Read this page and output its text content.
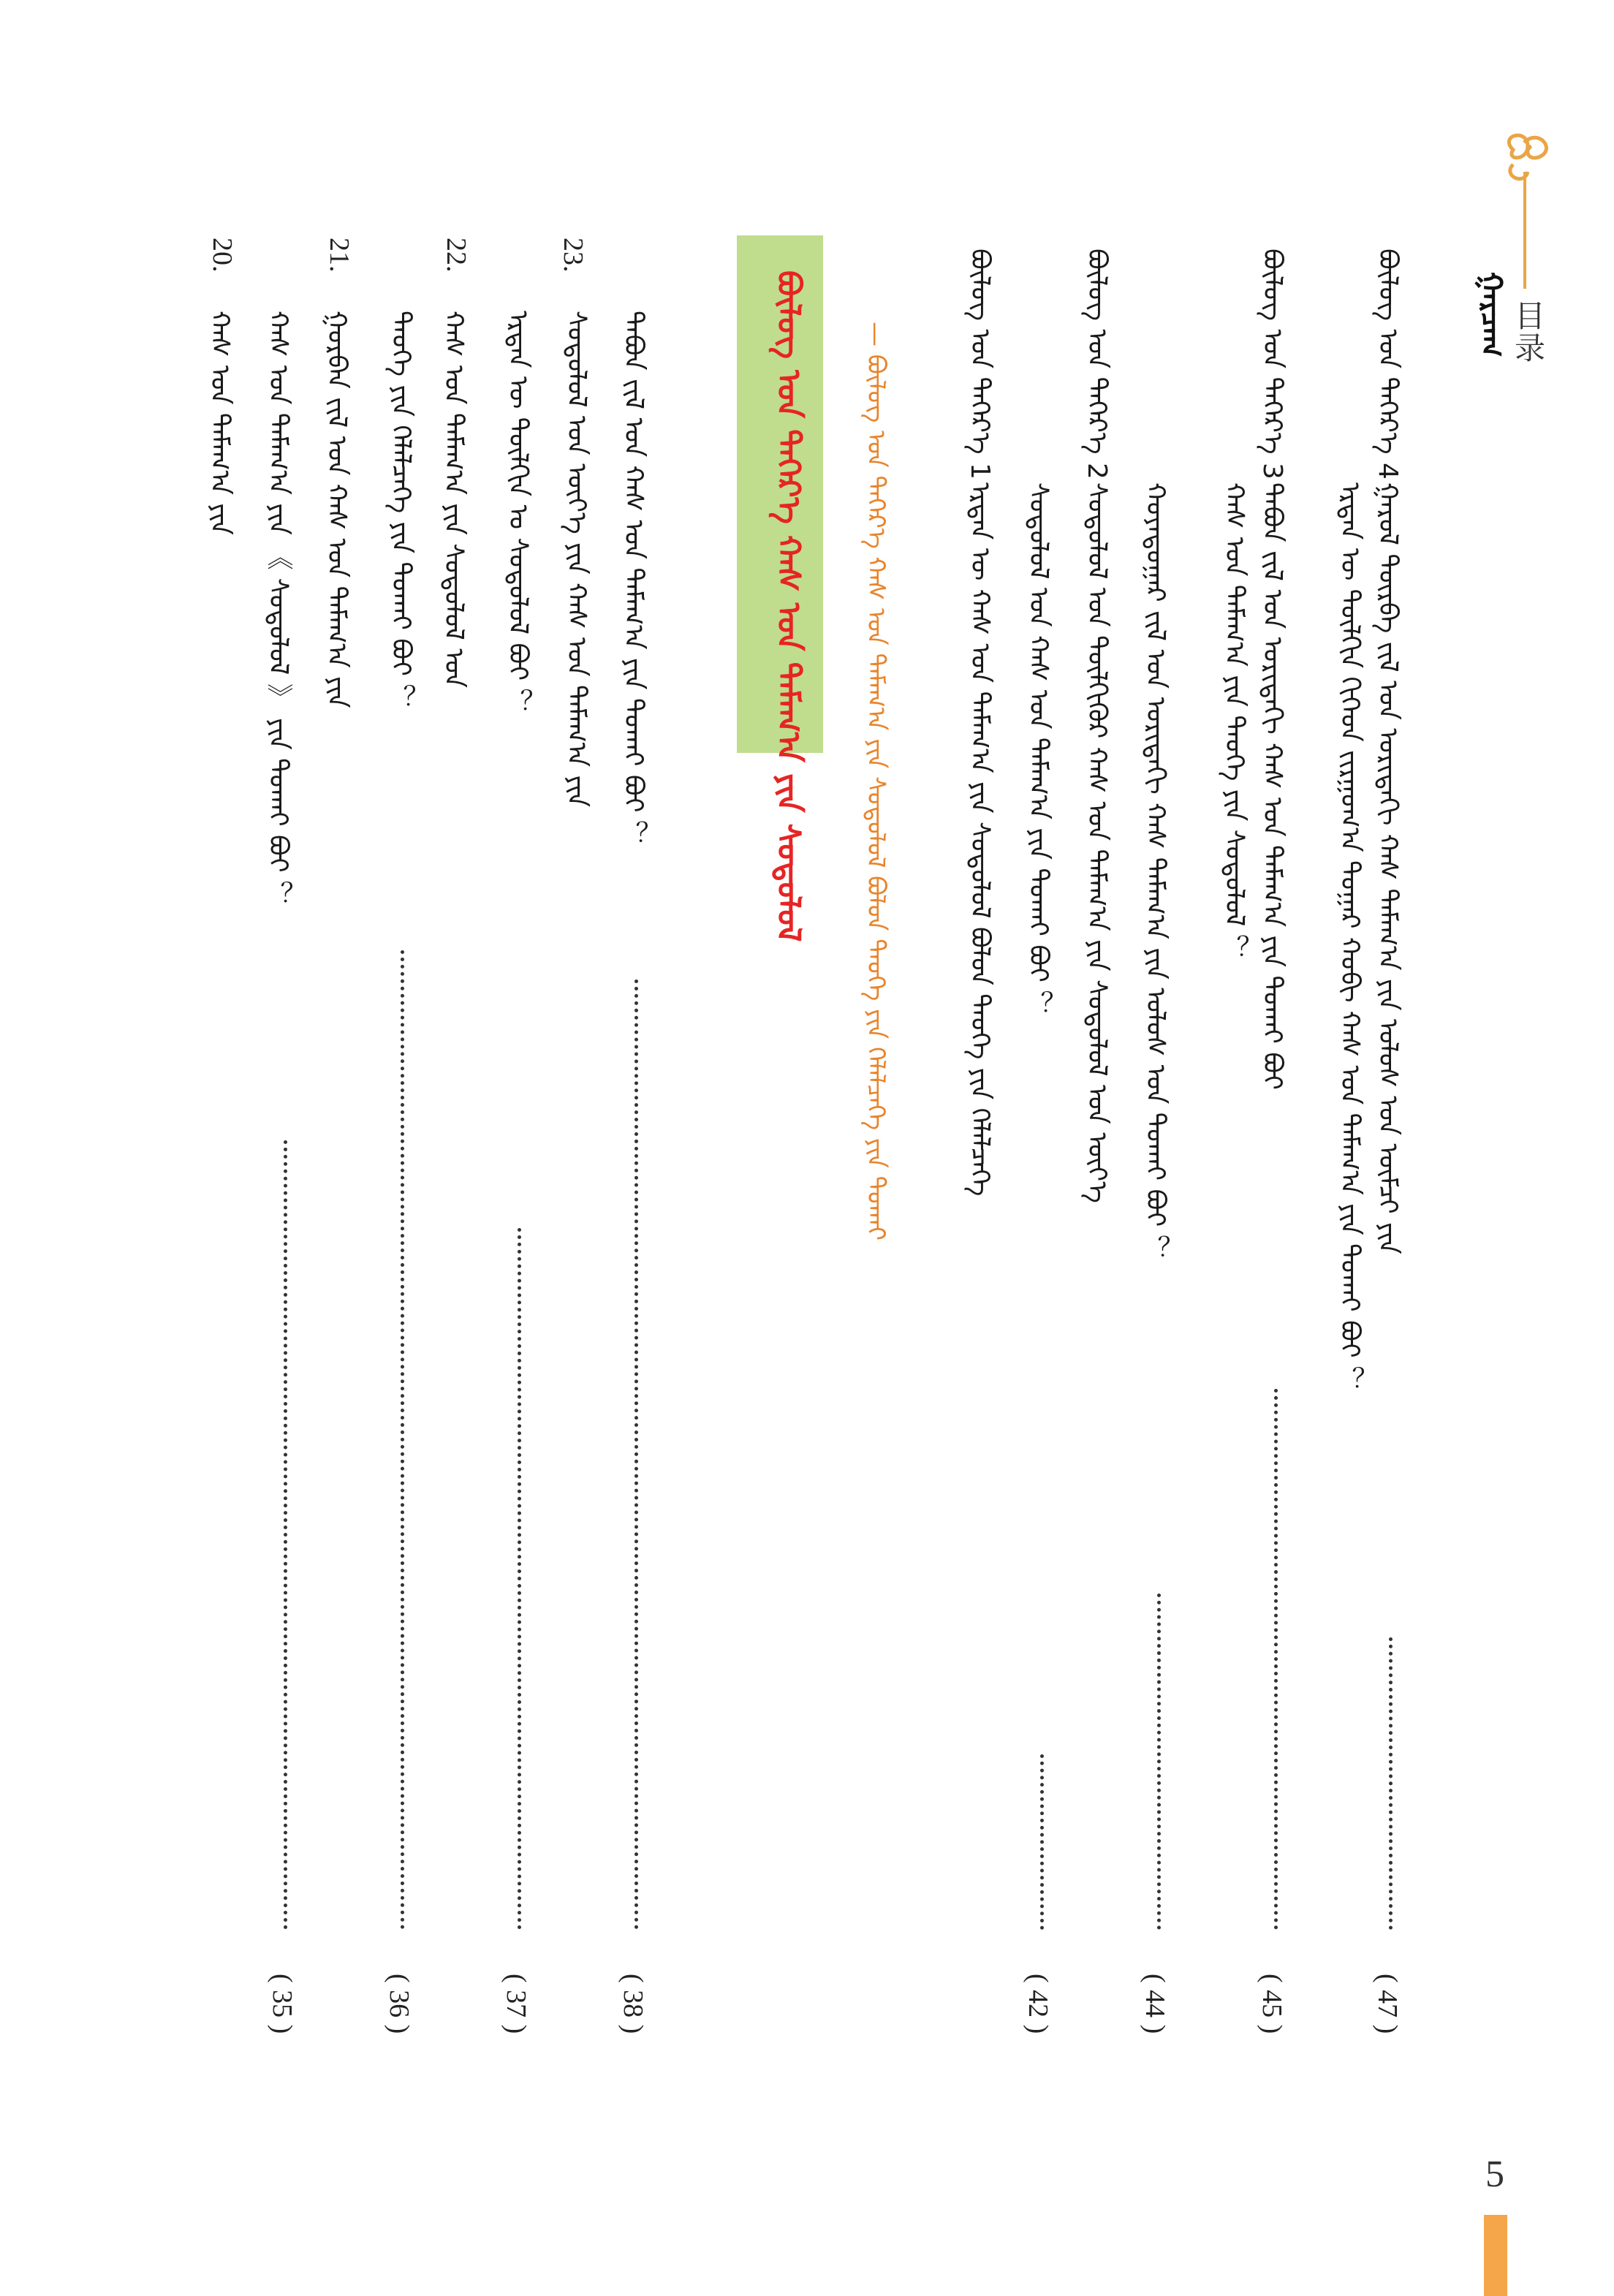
目录
ᠭᠠᠷᠴᠠᠭ
ᠪᠦᠯᠦᠭ ᠤᠨ ᠳᠡᠭᠡᠷ᠎ᠡ 4
ᠭᠠᠷᠤᠯ ᠳᠦᠷᠪᠡ ᠵᠢᠯ ᠤᠨ ᠤᠷᠢᠳᠠᠬᠢ ᠬᠠᠰ ᠲᠠᠮᠠᠭ᠎ᠠ ᠶᠢᠨ ᠤᠯᠤᠰ ᠤᠨ ᠦᠮᠴᠢ ᠶᠢᠨ
ᠡᠷᠲᠡᠨ ᠦ ᠲᠦᠯᠬᠢᠨ ᠬᠢᠭᠡᠳ ᠵᠢᠷᠭᠤᠭ᠎ᠠ ᠳᠤᠭᠠᠷ ᠬᠤᠪᠢ ᠬᠠᠰ ᠤᠨ ᠲᠠᠮᠠᠭ᠎ᠠ ᠶᠢᠨ ᠲᠤᠬᠠᠢ ᠪᠤᠢ ？
( 47 )
ᠪᠦᠯᠦᠭ ᠤᠨ ᠳᠡᠭᠡᠷ᠎ᠡ 3
ᠲᠠᠪᠤᠨ ᠵᠢᠯ ᠤᠨ ᠤᠷᠢᠳᠠᠬᠢ ᠬᠠᠰ ᠤᠨ ᠲᠠᠮᠠᠭ᠎ᠠ ᠶᠢᠨ ᠲᠤᠬᠠᠢ ᠪᠤᠢ
ᠬᠠᠰ ᠤᠨ ᠲᠠᠮᠠᠭ᠎ᠠ ᠶᠢᠨ ᠲᠡᠦᠬᠡ ᠶᠢᠨ ᠰᠤᠳᠤᠯᠤᠯ ？
( 45 )
ᠪᠦᠯᠦᠭ ᠤᠨ ᠳᠡᠭᠡᠷ᠎ᠡ 2
ᠬᠤᠶᠠᠳᠤᠭᠠᠷ ᠵᠢᠯ ᠤᠨ ᠤᠷᠢᠳᠠᠬᠢ ᠬᠠᠰ ᠲᠠᠮᠠᠭ᠎ᠠ ᠶᠢᠨ ᠤᠯᠤᠰ ᠤᠨ ᠲᠤᠬᠠᠢ ᠪᠤᠢ ？
ᠰᠤᠳᠤᠯᠤᠯ ᠤᠨ ᠲᠦᠯᠬᠢᠭᠦᠷ ᠬᠠᠰ ᠤᠨ ᠲᠠᠮᠠᠭ᠎ᠠ ᠶᠢᠨ ᠰᠤᠳᠤᠯᠤᠯ ᠤᠨ ᠦᠶ᠎ᠡ
( 44 )
ᠪᠦᠯᠦᠭ ᠤᠨ ᠳᠡᠭᠡᠷ᠎ᠡ 1
ᠡᠷᠲᠡᠨ ᠦ ᠬᠠᠰ ᠤᠨ ᠲᠠᠮᠠᠭ᠎ᠠ ᠶᠢᠨ ᠰᠤᠳᠤᠯᠤᠯ ᠪᠤᠯᠤᠨ ᠲᠡᠦᠬᠡ ᠶᠢᠨ ᠬᠡᠯᠡᠯᠴᠡᠭᠡ ᠰᠤᠳᠤᠯᠤᠯ ᠤᠨ ᠬᠠᠰ ᠤᠨ ᠲᠠᠮᠠᠭ᠎ᠠ ᠶᠢᠨ ᠲᠤᠬᠠᠢ ᠪᠤᠢ ？
( 42 )
ᠪᠦᠯᠦᠭ ᠤᠨ ᠳᠡᠭᠡᠷ᠎ᠡ ᠬᠠᠰ ᠤᠨ ᠲᠠᠮᠠᠭ᠎ᠠ ᠶᠢᠨ ᠰᠤᠳᠤᠯᠤᠯ	— ᠪᠦᠯᠦᠭ ᠤᠨ ᠳᠡᠭᠡᠷ᠎ᠡ ᠬᠠᠰ ᠤᠨ ᠲᠠᠮᠠᠭ᠎ᠠ ᠶᠢᠨ ᠰᠤᠳᠤᠯᠤᠯ ᠪᠤᠯᠤᠨ ᠲᠡᠦᠬᠡ ᠶᠢᠨ ᠬᠡᠯᠡᠯᠴᠡᠭᠡ ᠶᠢᠨ ᠲᠤᠬᠠᠢ
23.
ᠲᠠᠪᠤᠨ ᠵᠢᠯ ᠤᠨ ᠬᠠᠰ ᠤᠨ ᠲᠠᠮᠠᠭ᠎ᠠ ᠶᠢᠨ ᠲᠤᠬᠠᠢ ᠪᠤᠢ ？
ᠰᠤᠳᠤᠯᠤᠯ ᠤᠨ ᠦᠶ᠎ᠡ ᠶᠢᠨ ᠬᠠᠰ ᠤᠨ ᠲᠠᠮᠠᠭ᠎ᠠ ᠶᠢᠨ
ᠡᠷᠲᠡᠨ ᠦ ᠲᠦᠯᠬᠢᠨ ᠤ ᠰᠤᠳᠤᠯᠤᠯ ᠪᠤᠢ ？
( 38 )
22.
ᠬᠠᠰ ᠤᠨ ᠲᠠᠮᠠᠭ᠎ᠠ ᠶᠢᠨ ᠰᠤᠳᠤᠯᠤᠯ ᠤᠨ
ᠲᠡᠦᠬᠡ ᠶᠢᠨ ᠬᠡᠯᠡᠯᠴᠡᠭᠡ ᠶᠢᠨ ᠲᠤᠬᠠᠢ ᠪᠤᠢ ？
( 37 )
21.
ᠭᠤᠷᠪᠠᠨ ᠵᠢᠯ ᠤᠨ ᠬᠠᠰ ᠤᠨ ᠲᠠᠮᠠᠭ᠎ᠠ ᠶᠢᠨ
( 36 )
20.
ᠬᠠᠰ ᠤᠨ ᠲᠠᠮᠠᠭ᠎ᠠ ᠶᠢᠨ 《 ᠰᠤᠳᠤᠯᠤᠯ 》 ᠶᠢᠨ ᠲᠤᠬᠠᠢ ᠪᠤᠢ ？
ᠬᠠᠰ ᠤᠨ ᠲᠠᠮᠠᠭ᠎ᠠ ᠶᠢᠨ
( 35 )
5
